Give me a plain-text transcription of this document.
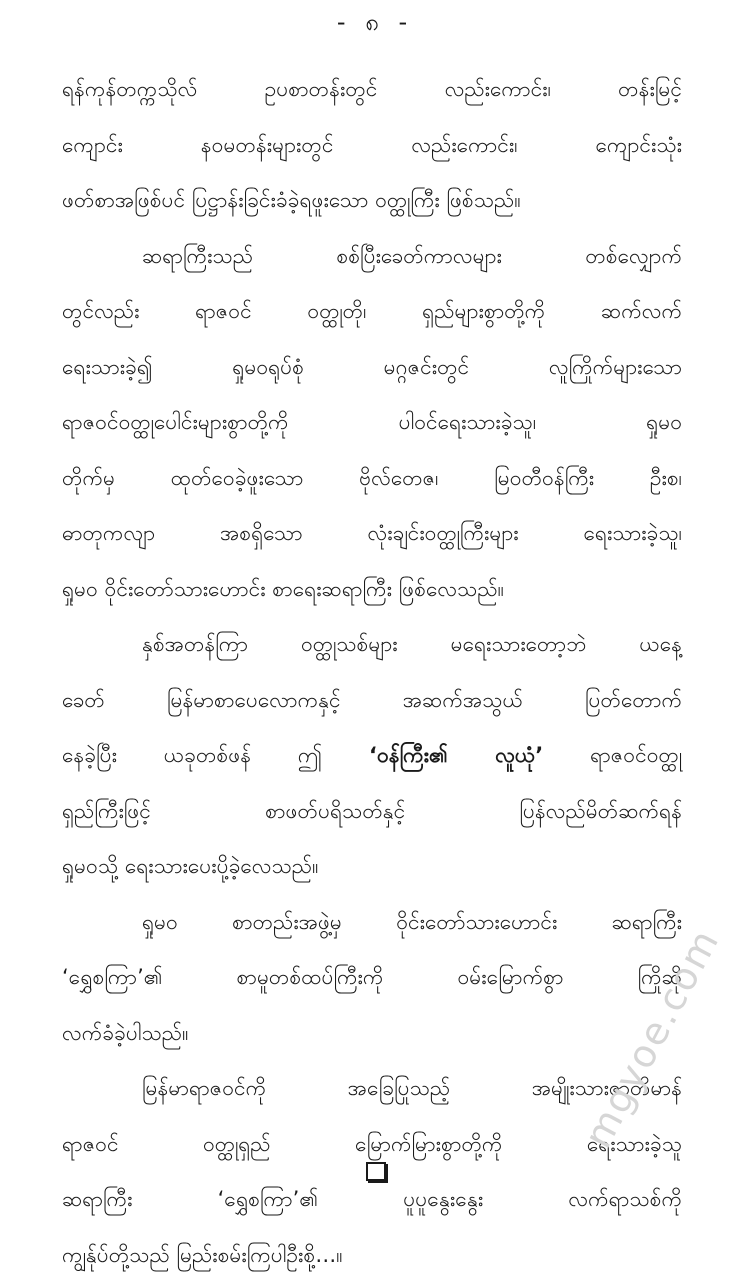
- ၈ -
ရန်ကုန်တက္ကသိုလ် ဥပစာတန်းတွင် လည်းကောင်း၊ တန်းမြင့်
ကျောင်း နဝမတန်းများတွင် လည်းကောင်း၊ ကျောင်းသုံး
ဖတ်စာအဖြစ်ပင် ပြဋ္ဌာန်းခြင်းခံခဲ့ရဖူးသော ဝတ္ထုကြီး ဖြစ်သည်။
ဆရာကြီးသည် စစ်ပြီးခေတ်ကာလများ တစ်လျှောက်
တွင်လည်း ရာဇဝင် ဝတ္ထုတို၊ ရှည်များစွာတို့ကို ဆက်လက်
ရေးသားခဲ့၍ ရှုမဝရုပ်စုံ မဂ္ဂဇင်းတွင် လူကြိုက်များသော
ရာဇဝင်ဝတ္ထုပေါင်းများစွာတို့ကို ပါဝင်ရေးသားခဲ့သူ၊ ရှုမဝ
တိုက်မှ ထုတ်ဝေခဲ့ဖူးသော ဗိုလ်တေဇ၊ မြဝတီဝန်ကြီး ဦးစ၊
ဓာတုကလျာ အစရှိသော လုံးချင်းဝတ္ထုကြီးများ ရေးသားခဲ့သူ၊
ရှုမဝ ဝိုင်းတော်သားဟောင်း စာရေးဆရာကြီး ဖြစ်လေသည်။
နှစ်အတန်ကြာ ဝတ္ထုသစ်များ မရေးသားတော့ဘဲ ယနေ့
ခေတ် မြန်မာစာပေလောကနှင့် အဆက်အသွယ် ပြတ်တောက်
နေခဲ့ပြီး ယခုတစ်ဖန် ဤ ‘ဝန်ကြီး၏ လူယုံ’ ရာဇဝင်ဝတ္ထု
ရှည်ကြီးဖြင့် စာဖတ်ပရိသတ်နှင့် ပြန်လည်မိတ်ဆက်ရန်
ရှုမဝသို့ ရေးသားပေးပို့ခဲ့လေသည်။
ရှုမဝ စာတည်းအဖွဲ့မှ ဝိုင်းတော်သားဟောင်း ဆရာကြီး
‘ရွှေစကြာ’၏ စာမူတစ်ထပ်ကြီးကို ဝမ်းမြောက်စွာ ကြိုဆို
လက်ခံခဲ့ပါသည်။
မြန်မာရာဇဝင်ကို အခြေပြုသည့် အမျိုးသားဇာတိမာန်
ရာဇဝင် ဝတ္ထုရှည် မြောက်မြားစွာတို့ကို ရေးသားခဲ့သူ
ဆရာကြီး ‘ရွှေစကြာ’၏ ပူပူနွေးနွေး လက်ရာသစ်ကို
ကျွန်ုပ်တို့သည် မြည်းစမ်းကြပါဦးစို့…။
mgyoe.com
